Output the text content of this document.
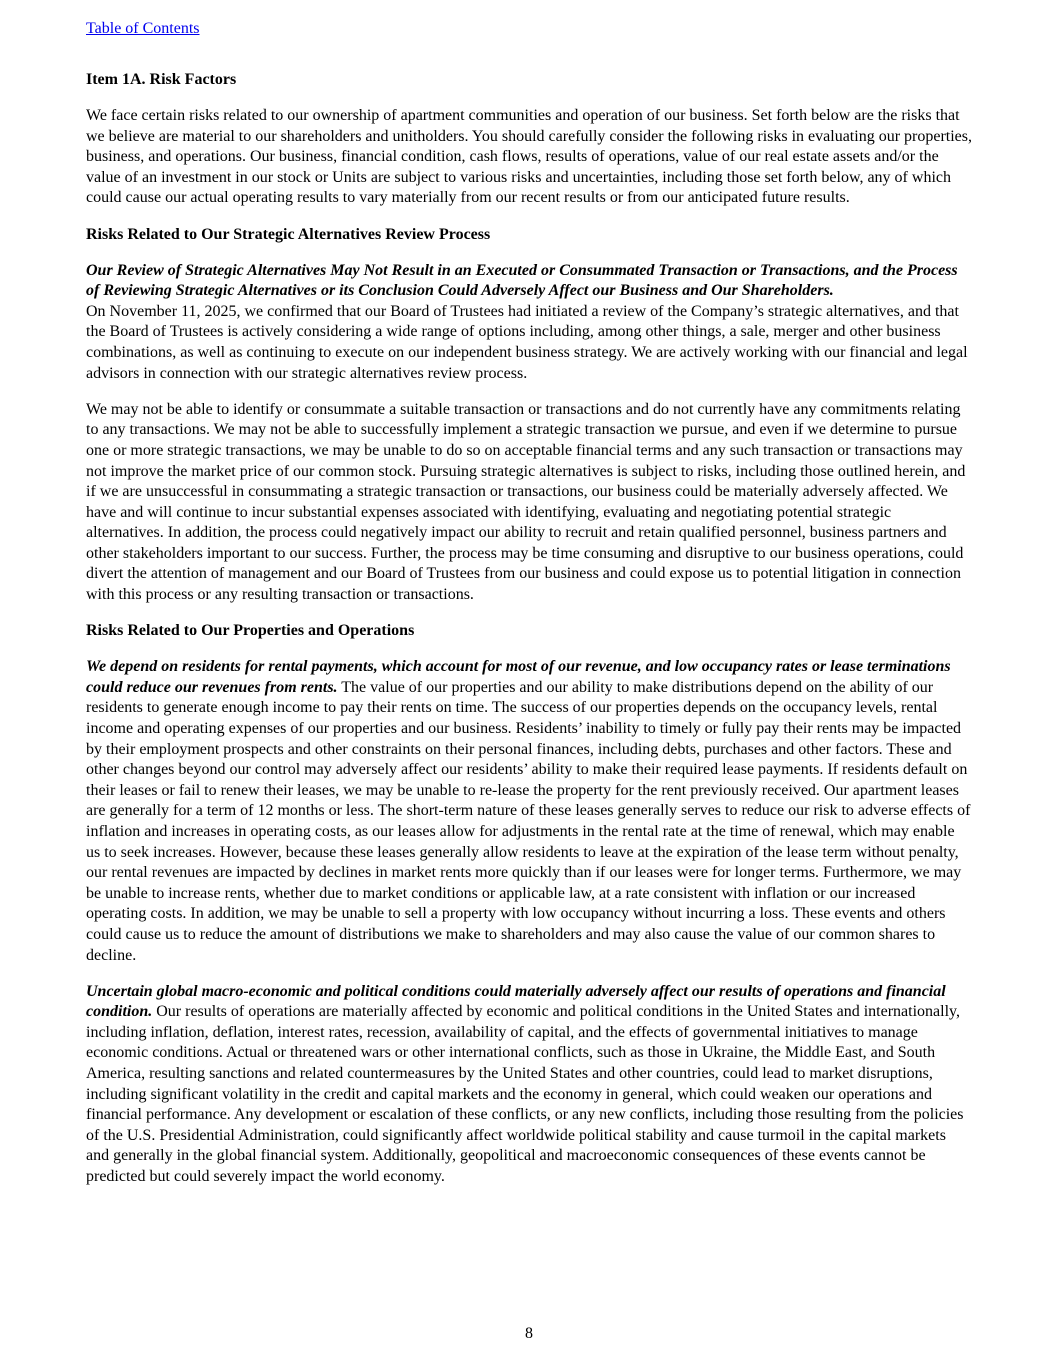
Table of Contents

Item 1A. Risk Factors

We face certain risks related to our ownership of apartment communities and operation of our business. Set forth below are the risks that we believe are material to our shareholders and unitholders. You should carefully consider the following risks in evaluating our properties, business, and operations. Our business, financial condition, cash flows, results of operations, value of our real estate assets and/or the value of an investment in our stock or Units are subject to various risks and uncertainties, including those set forth below, any of which could cause our actual operating results to vary materially from our recent results or from our anticipated future results.

Risks Related to Our Strategic Alternatives Review Process

Our Review of Strategic Alternatives May Not Result in an Executed or Consummated Transaction or Transactions, and the Process of Reviewing Strategic Alternatives or its Conclusion Could Adversely Affect our Business and Our Shareholders.

On November 11, 2025, we confirmed that our Board of Trustees had initiated a review of the Company’s strategic alternatives, and that the Board of Trustees is actively considering a wide range of options including, among other things, a sale, merger and other business combinations, as well as continuing to execute on our independent business strategy. We are actively working with our financial and legal advisors in connection with our strategic alternatives review process.

We may not be able to identify or consummate a suitable transaction or transactions and do not currently have any commitments relating to any transactions. We may not be able to successfully implement a strategic transaction we pursue, and even if we determine to pursue one or more strategic transactions, we may be unable to do so on acceptable financial terms and any such transaction or transactions may not improve the market price of our common stock. Pursuing strategic alternatives is subject to risks, including those outlined herein, and if we are unsuccessful in consummating a strategic transaction or transactions, our business could be materially adversely affected. We have and will continue to incur substantial expenses associated with identifying, evaluating and negotiating potential strategic alternatives. In addition, the process could negatively impact our ability to recruit and retain qualified personnel, business partners and other stakeholders important to our success. Further, the process may be time consuming and disruptive to our business operations, could divert the attention of management and our Board of Trustees from our business and could expose us to potential litigation in connection with this process or any resulting transaction or transactions.

Risks Related to Our Properties and Operations

We depend on residents for rental payments, which account for most of our revenue, and low occupancy rates or lease terminations could reduce our revenues from rents. The value of our properties and our ability to make distributions depend on the ability of our residents to generate enough income to pay their rents on time. The success of our properties depends on the occupancy levels, rental income and operating expenses of our properties and our business. Residents’ inability to timely or fully pay their rents may be impacted by their employment prospects and other constraints on their personal finances, including debts, purchases and other factors. These and other changes beyond our control may adversely affect our residents’ ability to make their required lease payments. If residents default on their leases or fail to renew their leases, we may be unable to re-lease the property for the rent previously received. Our apartment leases are generally for a term of 12 months or less. The short-term nature of these leases generally serves to reduce our risk to adverse effects of inflation and increases in operating costs, as our leases allow for adjustments in the rental rate at the time of renewal, which may enable us to seek increases. However, because these leases generally allow residents to leave at the expiration of the lease term without penalty, our rental revenues are impacted by declines in market rents more quickly than if our leases were for longer terms. Furthermore, we may be unable to increase rents, whether due to market conditions or applicable law, at a rate consistent with inflation or our increased operating costs. In addition, we may be unable to sell a property with low occupancy without incurring a loss. These events and others could cause us to reduce the amount of distributions we make to shareholders and may also cause the value of our common shares to decline.

Uncertain global macro-economic and political conditions could materially adversely affect our results of operations and financial condition. Our results of operations are materially affected by economic and political conditions in the United States and internationally, including inflation, deflation, interest rates, recession, availability of capital, and the effects of governmental initiatives to manage economic conditions. Actual or threatened wars or other international conflicts, such as those in Ukraine, the Middle East, and South America, resulting sanctions and related countermeasures by the United States and other countries, could lead to market disruptions, including significant volatility in the credit and capital markets and the economy in general, which could weaken our operations and financial performance. Any development or escalation of these conflicts, or any new conflicts, including those resulting from the policies of the U.S. Presidential Administration, could significantly affect worldwide political stability and cause turmoil in the capital markets and generally in the global financial system. Additionally, geopolitical and macroeconomic consequences of these events cannot be predicted but could severely impact the world economy.

8
